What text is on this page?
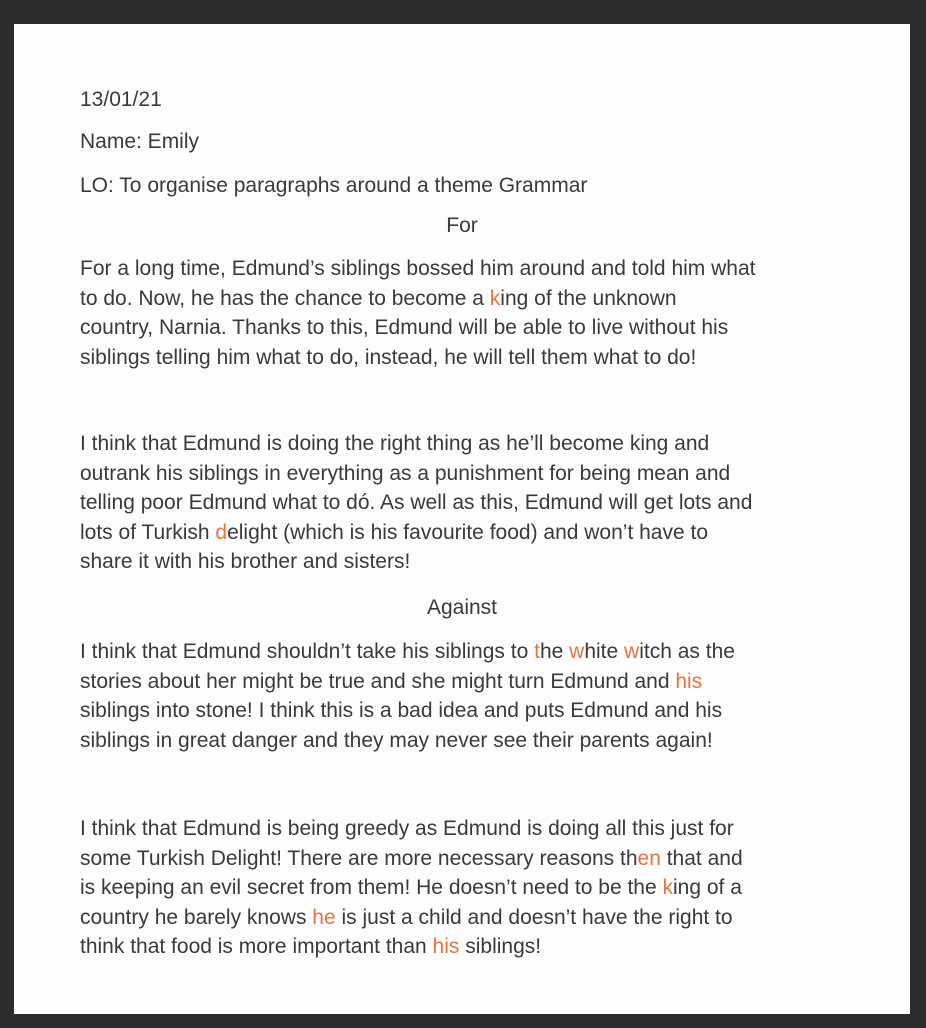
13/01/21
Name: Emily
LO: To organise paragraphs around a theme Grammar
For

For a long time, Edmund’s siblings bossed him around and told him what

to do. Now, he has the chance to become a king of the unknown

country, Narnia. Thanks to this, Edmund will be able to live without his

siblings telling him what to do, instead, he will tell them what to do!

I think that Edmund is doing the right thing as he’ll become king and

outrank his siblings in everything as a punishment for being mean and

telling poor Edmund what to dó. As well as this, Edmund will get lots and

lots of Turkish delight (which is his favourite food) and won’t have to

share it with his brother and sisters!

Against

I think that Edmund shouldn’t take his siblings to the white witch as the

stories about her might be true and she might turn Edmund and his

siblings into stone! I think this is a bad idea and puts Edmund and his

siblings in great danger and they may never see their parents again!

I think that Edmund is being greedy as Edmund is doing all this just for

some Turkish Delight! There are more necessary reasons then that and

is keeping an evil secret from them! He doesn’t need to be the king of a

country he barely knows he is just a child and doesn’t have the right to

think that food is more important than his siblings!
